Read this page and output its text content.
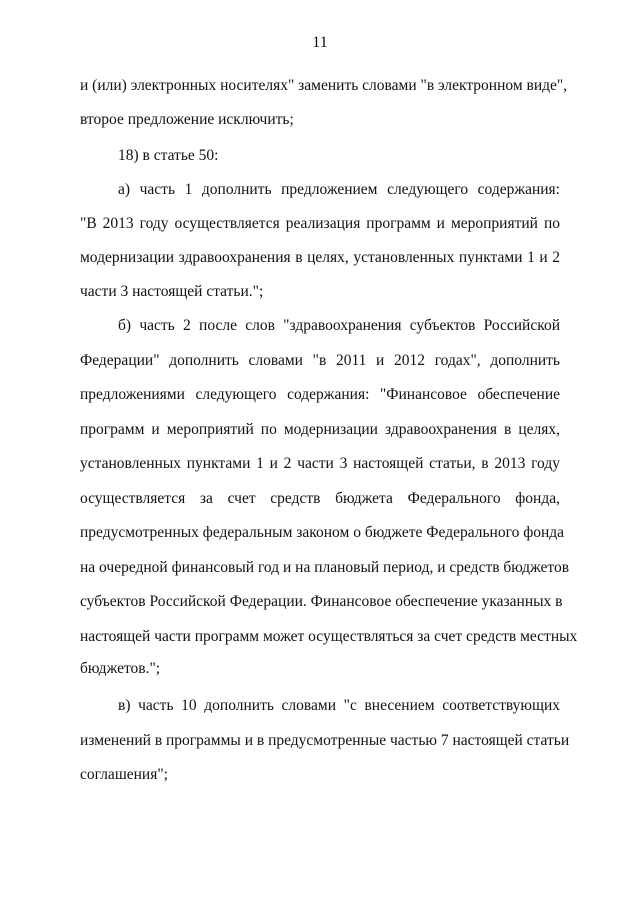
11
и (или) электронных носителях" заменить словами "в электронном виде",
второе предложение исключить;
18) в статье 50:
а) часть 1 дополнить предложением следующего содержания:
"В 2013 году осуществляется реализация программ и мероприятий по
модернизации здравоохранения в целях, установленных пунктами 1 и 2
части 3 настоящей статьи.";
б) часть 2 после слов "здравоохранения субъектов Российской
Федерации" дополнить словами "в 2011 и 2012 годах", дополнить
предложениями следующего содержания: "Финансовое обеспечение
программ и мероприятий по модернизации здравоохранения в целях,
установленных пунктами 1 и 2 части 3 настоящей статьи, в 2013 году
осуществляется за счет средств бюджета Федерального фонда,
предусмотренных федеральным законом о бюджете Федерального фонда
на очередной финансовый год и на плановый период, и средств бюджетов
субъектов Российской Федерации. Финансовое обеспечение указанных в
настоящей части программ может осуществляться за счет средств местных
бюджетов.";
в) часть 10 дополнить словами "с внесением соответствующих
изменений в программы и в предусмотренные частью 7 настоящей статьи
соглашения";
